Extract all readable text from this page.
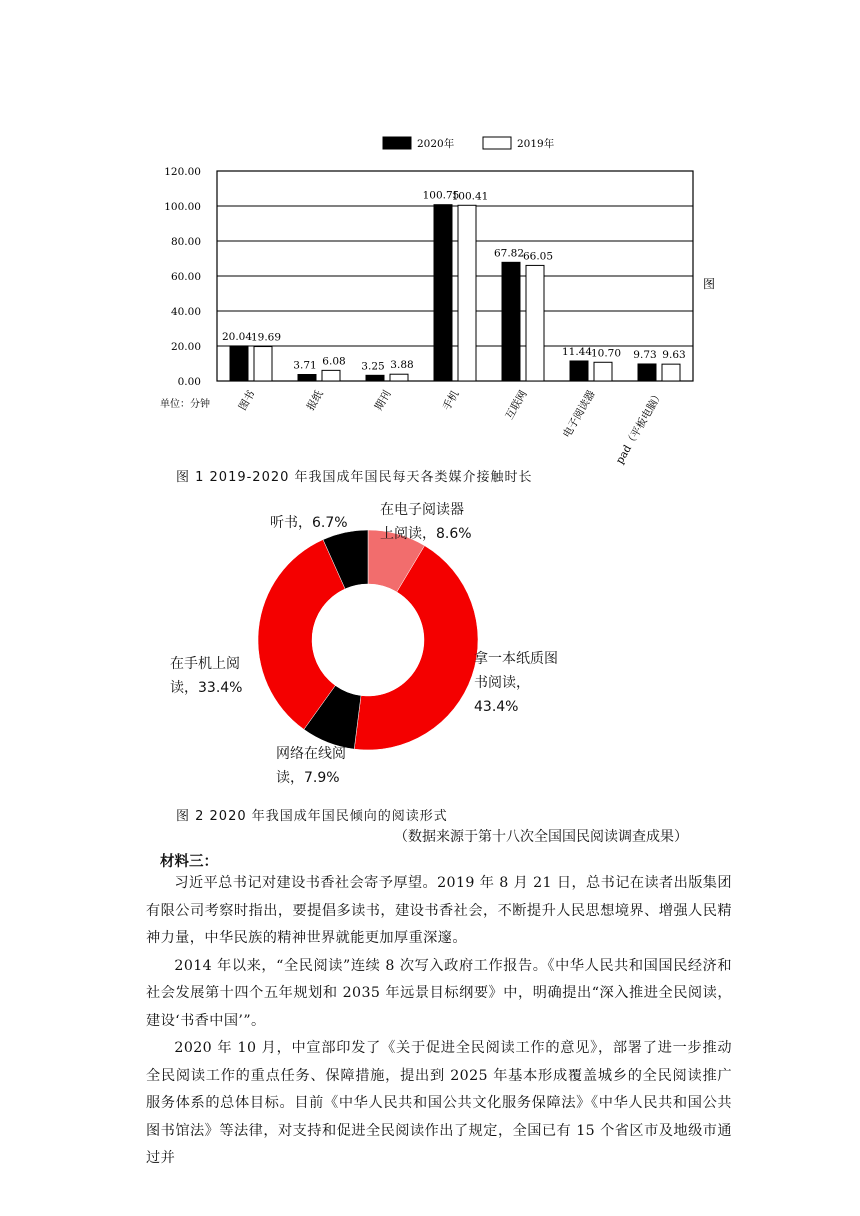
0.00
20.00
40.00
60.00
80.00
100.00
120.00
20.04
19.69
3.71 6.08 3.25 3.88
100.75
100.41
67.82
66.05
11.44
10.70 9.73 9.63
图书	报纸	期刊	手机	互联网	电子阅读器 pad（平板电脑）
2020年	2019年
单位：分钟
图
图 1 2019-2020 年我国成年国民每天各类媒介接触时长
在电子阅读器
上阅读，8.6%
听书，6.7%
拿一本纸质图
书阅读，
43.4%
在手机上阅
读，33.4%
网络在线阅
读，7.9%
图 2 2020 年我国成年国民倾向的阅读形式
（数据来源于第十八次全国国民阅读调查成果）
材料三：

习近平总书记对建设书香社会寄予厚望。2019 年 8 月 21 日，总书记在读者出版集团有限公司考察时指出，要提倡多读书，建设书香社会，不断提升人民思想境界、增强人民精神力量，中华民族的精神世界就能更加厚重深邃。

2014 年以来，“全民阅读”连续 8 次写入政府工作报告。《中华人民共和国国民经济和社会发展第十四个五年规划和 2035 年远景目标纲要》中，明确提出“深入推进全民阅读，建设‘书香中国’”。

2020 年 10 月，中宣部印发了《关于促进全民阅读工作的意见》，部署了进一步推动全民阅读工作的重点任务、保障措施，提出到 2025 年基本形成覆盖城乡的全民阅读推广服务体系的总体目标。目前《中华人民共和国公共文化服务保障法》《中华人民共和国公共图书馆法》等法律，对支持和促进全民阅读作出了规定，全国已有 15 个省区市及地级市通过并
